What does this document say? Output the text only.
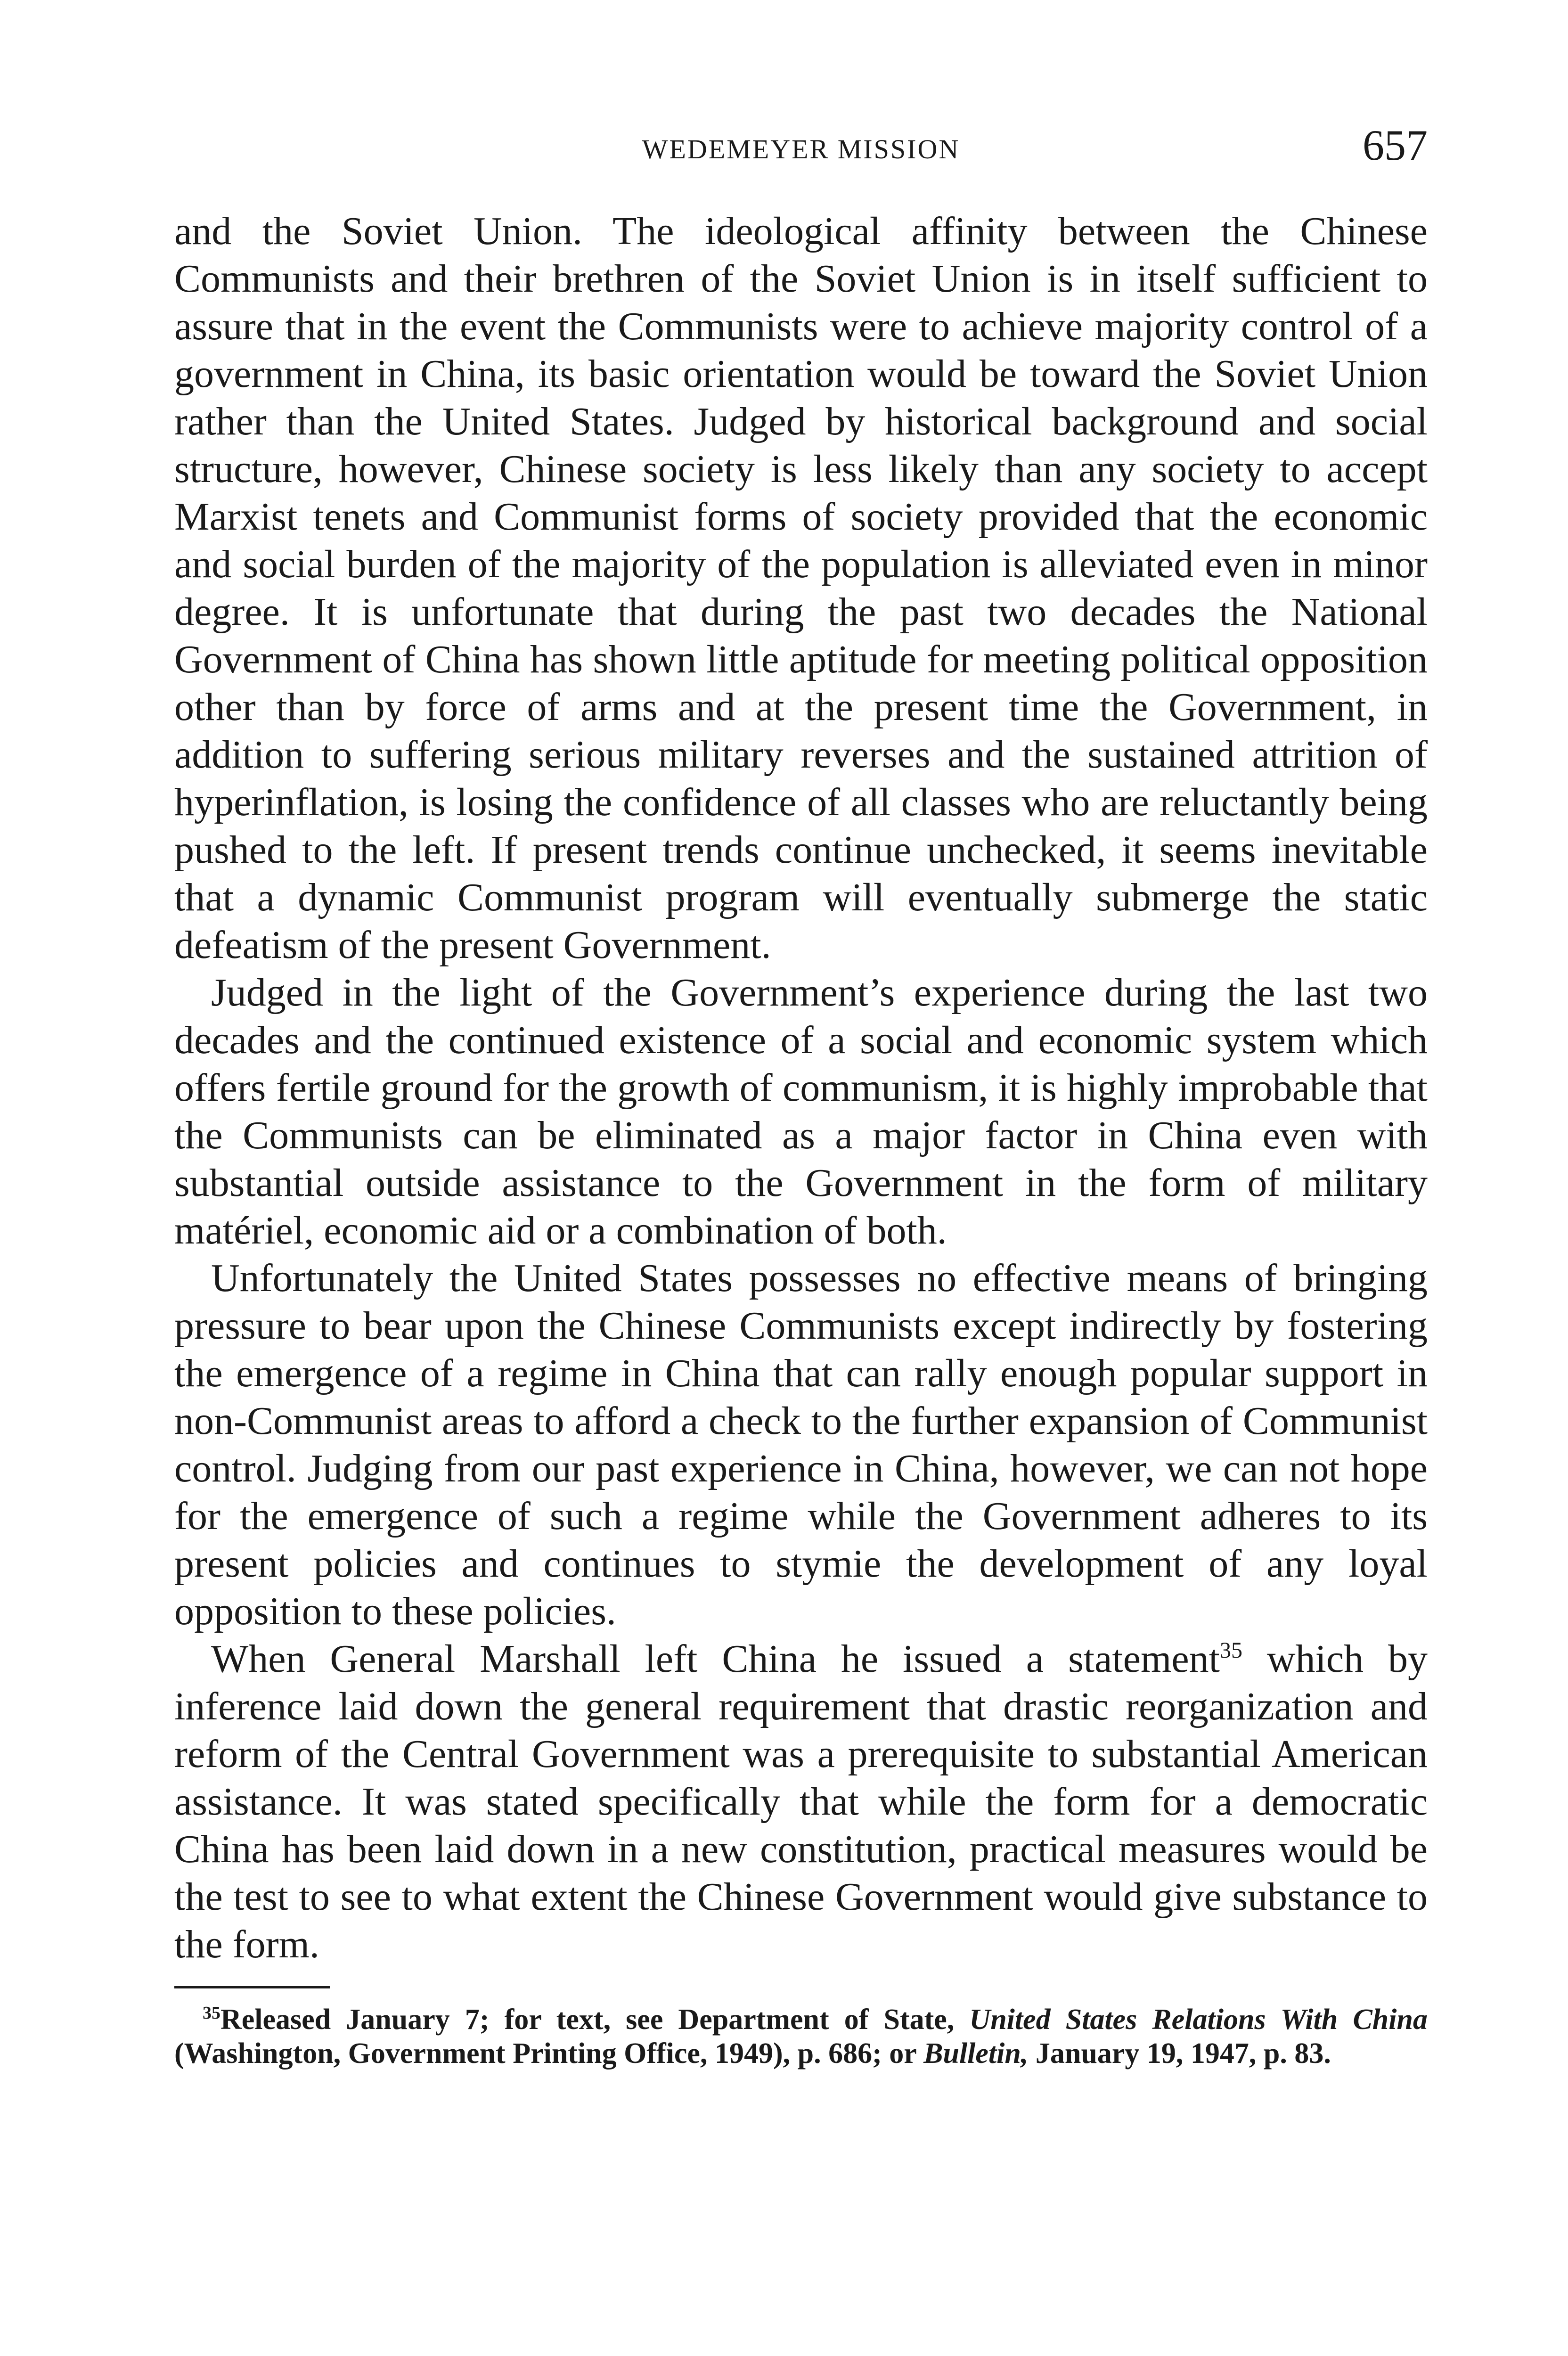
WEDEMEYER MISSION	657

and the Soviet Union. The ideological affinity between the Chinese Communists and their brethren of the Soviet Union is in itself sufficient to assure that in the event the Communists were to achieve majority control of a government in China, its basic orientation would be toward the Soviet Union rather than the United States. Judged by historical background and social structure, however, Chinese society is less likely than any society to accept Marxist tenets and Communist forms of society provided that the economic and social burden of the majority of the population is alleviated even in minor degree. It is unfortunate that during the past two decades the National Government of China has shown little aptitude for meeting political opposition other than by force of arms and at the present time the Government, in addition to suffering serious military reverses and the sustained attrition of hyperinflation, is losing the confidence of all classes who are reluctantly being pushed to the left. If present trends continue unchecked, it seems inevitable that a dynamic Communist program will eventually submerge the static defeatism of the present Government.

Judged in the light of the Government’s experience during the last two decades and the continued existence of a social and economic system which offers fertile ground for the growth of communism, it is highly improbable that the Communists can be eliminated as a major factor in China even with substantial outside assistance to the Government in the form of military matériel, economic aid or a combination of both.

Unfortunately the United States possesses no effective means of bringing pressure to bear upon the Chinese Communists except indirectly by fostering the emergence of a regime in China that can rally enough popular support in non-Communist areas to afford a check to the further expansion of Communist control. Judging from our past experience in China, however, we can not hope for the emergence of such a regime while the Government adheres to its present policies and continues to stymie the development of any loyal opposition to these policies.

When General Marshall left China he issued a statement$^{35}$ which by inference laid down the general requirement that drastic reorganization and reform of the Central Government was a prerequisite to substantial American assistance. It was stated specifically that while the form for a democratic China has been laid down in a new constitution, practical measures would be the test to see to what extent the Chinese Government would give substance to the form.

$^{35}$Released January 7; for text, see Department of State, United States Relations With China (Washington, Government Printing Office, 1949), p. 686; or Bulletin, January 19, 1947, p. 83.
